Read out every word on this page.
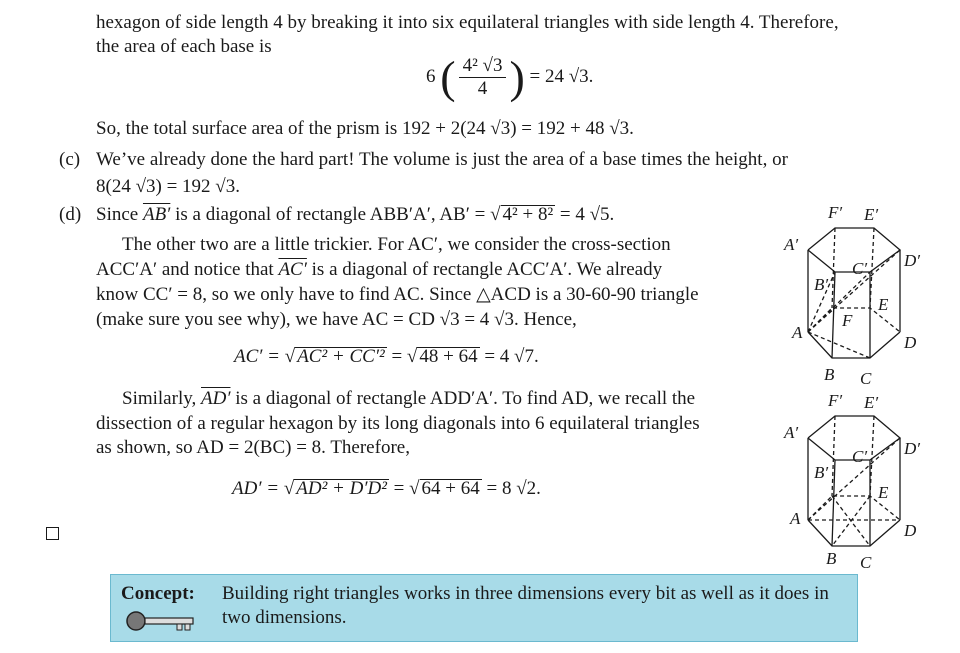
hexagon of side length 4 by breaking it into six equilateral triangles with side length 4. Therefore,
the area of each base is
6 ( $\frac{\text{4² √3}}{4}$ ) = 24 √3.
So, the total surface area of the prism is 192 + 2(24 √3) = 192 + 48 √3.
(c) We’ve already done the hard part! The volume is just the area of a base times the height, or
8(24 √3) = 192 √3.
(d) Since AB′ is a diagonal of rectangle ABB′A′, AB′ = √ 4² + 8² = 4 √5.
The other two are a little trickier. For AC′, we consider the cross-section
ACC′A′ and notice that AC′ is a diagonal of rectangle ACC′A′. We already
know CC′ = 8, so we only have to find AC. Since △ACD is a 30-60-90 triangle
(make sure you see why), we have AC = CD √3 = 4 √3. Hence,
AC′ = √ AC² + CC′² = √ 48 + 64 = 4 √7.
Similarly, AD′ is a diagonal of rectangle ADD′A′. To find AD, we recall the
dissection of a regular hexagon by its long diagonals into 6 equilateral triangles
as shown, so AD = 2(BC) = 8. Therefore,
AD′ = √ AD² + D′D² = √ 64 + 64 = 8 √2.
F′ E′
A′
D′
C′
B′
E
F
A
D
B C
F′ E′
A′
D′
C′
B′
E
A
D
B C
Concept: Building right triangles works in three dimensions every bit as well as it does in two dimensions.
